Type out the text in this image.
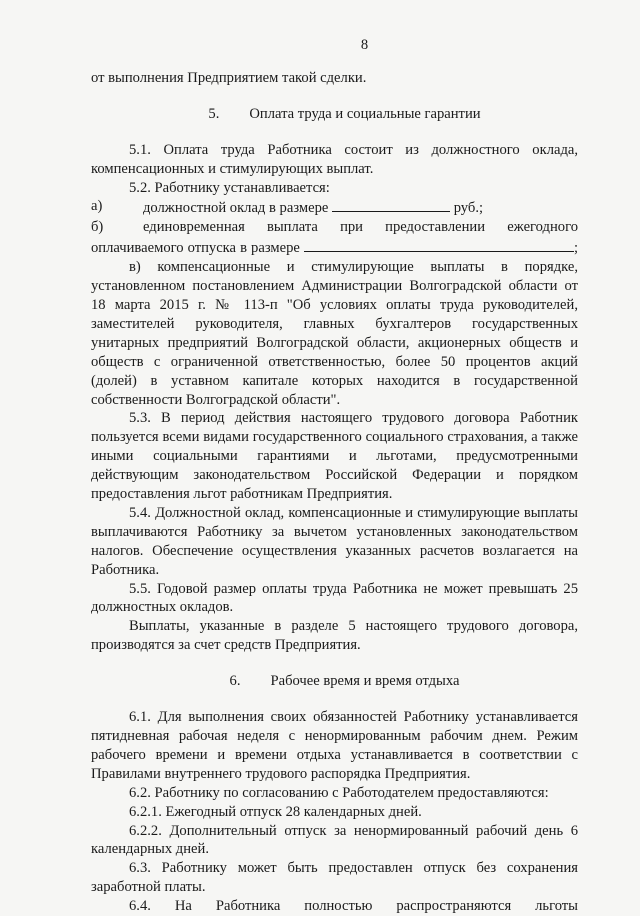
8

от выполнения Предприятием такой сделки.

5. Оплата труда и социальные гарантии

5.1. Оплата труда Работника состоит из должностного оклада, компенсационных и стимулирующих выплат.

5.2. Работнику устанавливается:

а)	должностной оклад в размере	руб.;

б)	единовременная выплата при предоставлении ежегодного оплачиваемого отпуска в размере	;

в) компенсационные и стимулирующие выплаты в порядке, установленном постановлением Администрации Волгоградской области от 18 марта 2015 г. № 113-п "Об условиях оплаты труда руководителей, заместителей руководителя, главных бухгалтеров государственных унитарных предприятий Волгоградской области, акционерных обществ и обществ с ограниченной ответственностью, более 50 процентов акций (долей) в уставном капитале которых находится в государственной собственности Волгоградской области".

5.3. В период действия настоящего трудового договора Работник пользуется всеми видами государственного социального страхования, а также иными социальными гарантиями и льготами, предусмотренными действующим законодательством Российской Федерации и порядком предоставления льгот работникам Предприятия.

5.4. Должностной оклад, компенсационные и стимулирующие выплаты выплачиваются Работнику за вычетом установленных законодательством налогов. Обеспечение осуществления указанных расчетов возлагается на Работника.

5.5. Годовой размер оплаты труда Работника не может превышать 25 должностных окладов.

Выплаты, указанные в разделе 5 настоящего трудового договора, производятся за счет средств Предприятия.

6. Рабочее время и время отдыха

6.1. Для выполнения своих обязанностей Работнику устанавливается пятидневная рабочая неделя с ненормированным рабочим днем. Режим рабочего времени и времени отдыха устанавливается в соответствии с Правилами внутреннего трудового распорядка Предприятия.

6.2. Работнику по согласованию с Работодателем предоставляются:

6.2.1. Ежегодный отпуск 28 календарных дней.

6.2.2. Дополнительный отпуск за ненормированный рабочий день 6 календарных дней.

6.3. Работнику может быть предоставлен отпуск без сохранения заработной платы.

6.4. На Работника полностью распространяются льготы
